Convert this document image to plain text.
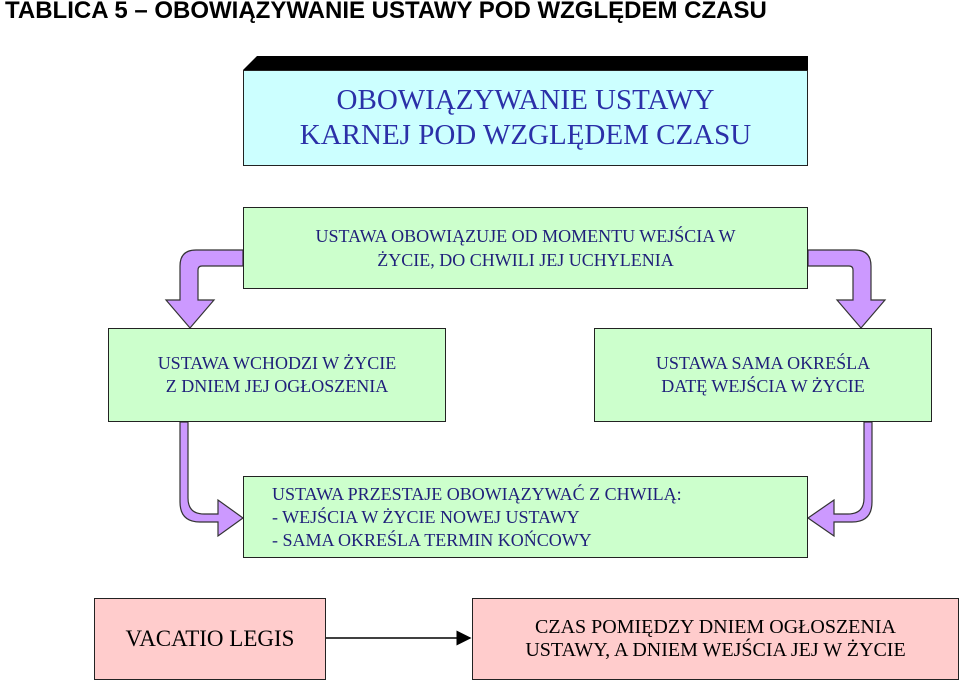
TABLICA 5 – OBOWIĄZYWANIE USTAWY POD WZGLĘDEM CZASU
OBOWIĄZYWANIE USTAWY
KARNEJ POD WZGLĘDEM CZASU
USTAWA OBOWIĄZUJE OD MOMENTU WEJŚCIA W
ŻYCIE, DO CHWILI JEJ UCHYLENIA
USTAWA WCHODZI W ŻYCIE
Z DNIEM JEJ OGŁOSZENIA
USTAWA SAMA OKREŚLA
DATĘ WEJŚCIA W ŻYCIE
USTAWA PRZESTAJE OBOWIĄZYWAĆ Z CHWILĄ:
- WEJŚCIA W ŻYCIE NOWEJ USTAWY
- SAMA OKREŚLA TERMIN KOŃCOWY
VACATIO LEGIS	CZAS POMIĘDZY DNIEM OGŁOSZENIA
USTAWY, A DNIEM WEJŚCIA JEJ W ŻYCIE
